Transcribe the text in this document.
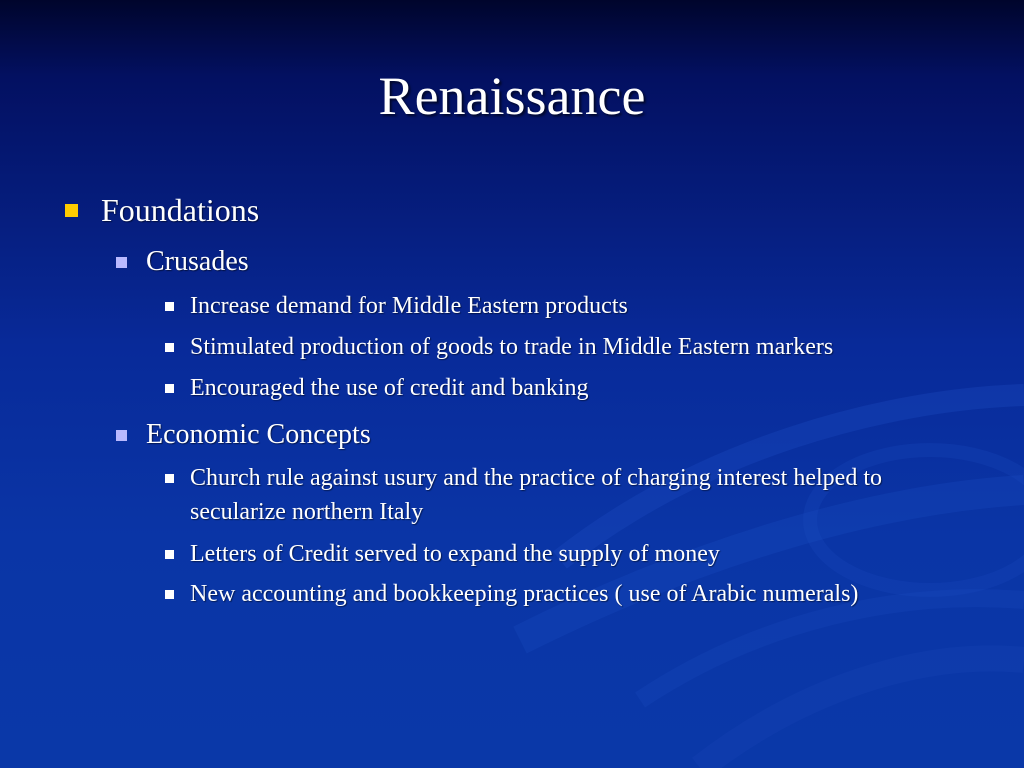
Renaissance
Foundations
Crusades
Increase demand for Middle Eastern products
Stimulated production of goods to trade in Middle Eastern markers
Encouraged the use of credit and banking
Economic Concepts
Church rule against usury and the practice of charging interest helped to secularize northern Italy
Letters of Credit served to expand the supply of money
New accounting and bookkeeping practices ( use of Arabic numerals)
